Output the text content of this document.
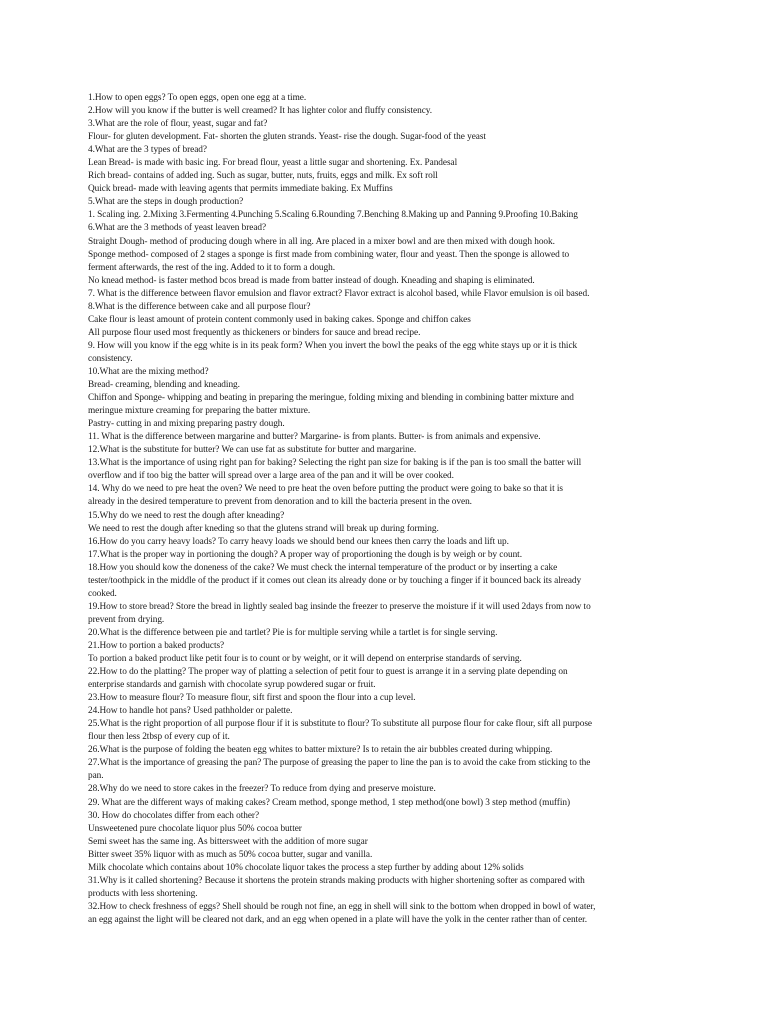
1.How to open eggs? To open eggs, open one egg at a time.
2.How will you know if the butter is well creamed? It has lighter color and fluffy consistency.
3.What are the role of flour, yeast, sugar and fat?
Flour- for gluten development. Fat- shorten the gluten strands. Yeast- rise the dough. Sugar-food of the yeast
4.What are the 3 types of bread?
Lean Bread- is made with basic ing. For bread flour, yeast a little sugar and shortening. Ex. Pandesal
Rich bread- contains of added ing. Such as sugar, butter, nuts, fruits, eggs and milk. Ex soft roll
Quick bread- made with leaving agents that permits immediate baking. Ex Muffins
5.What are the steps in dough production?
1. Scaling ing. 2.Mixing 3.Fermenting 4.Punching 5.Scaling 6.Rounding 7.Benching 8.Making up and Panning 9.Proofing 10.Baking
6.What are the 3 methods of yeast leaven bread?
Straight Dough- method of producing dough where in all ing. Are placed in a mixer bowl and are then mixed with dough hook.
Sponge method- composed of 2 stages a sponge is first made from combining water, flour and yeast. Then the sponge is allowed to
ferment afterwards, the rest of the ing. Added to it to form a dough.
No knead method- is faster method bcos bread is made from batter instead of dough. Kneading and shaping is eliminated.
7. What is the difference between flavor emulsion and flavor extract? Flavor extract is alcohol based, while Flavor emulsion is oil based.
8.What is the difference between cake and all purpose flour?
Cake flour is least amount of protein content commonly used in baking cakes. Sponge and chiffon cakes
All purpose flour used most frequently as thickeners or binders for sauce and bread recipe.
9. How will you know if the egg white is in its peak form? When you invert the bowl the peaks of the egg white stays up or it is thick
consistency.
10.What are the mixing method?
Bread- creaming, blending and kneading.
Chiffon and Sponge- whipping and beating in preparing the meringue, folding mixing and blending in combining batter mixture and
meringue mixture creaming for preparing the batter mixture.
Pastry- cutting in and mixing preparing pastry dough.
11. What is the difference between margarine and butter? Margarine- is from plants. Butter- is from animals and expensive.
12.What is the substitute for butter? We can use fat as substitute for butter and margarine.
13.What is the importance of using right pan for baking? Selecting the right pan size for baking is if the pan is too small the batter will
overflow and if too big the batter will spread over a large area of the pan and it will be over cooked.
14. Why do we need to pre heat the oven? We need to pre heat the oven before putting the product were going to bake so that it is
already in the desired temperature to prevent from denoration and to kill the bacteria present in the oven.
15.Why do we need to rest the dough after kneading?
We need to rest the dough after kneding so that the glutens strand will break up during forming.
16.How do you carry heavy loads? To carry heavy loads we should bend our knees then carry the loads and lift up.
17.What is the proper way in portioning the dough? A proper way of proportioning the dough is by weigh or by count.
18.How you should kow the doneness of the cake? We must check the internal temperature of the product or by inserting a cake
tester/toothpick in the middle of the product if it comes out clean its already done or by touching a finger if it bounced back its already
cooked.
19.How to store bread? Store the bread in lightly sealed bag insinde the freezer to preserve the moisture if it will used 2days from now to
prevent from drying.
20.What is the difference between pie and tartlet? Pie is for multiple serving while a tartlet is for single serving.
21.How to portion a baked products?
To portion a baked product like petit four is to count or by weight, or it will depend on enterprise standards of serving.
22.How to do the platting? The proper way of platting a selection of petit four to guest is arrange it in a serving plate depending on
enterprise standards and garnish with chocolate syrup powdered sugar or fruit.
23.How to measure flour? To measure flour, sift first and spoon the flour into a cup level.
24.How to handle hot pans? Used pathholder or palette.
25.What is the right proportion of all purpose flour if it is substitute to flour? To substitute all purpose flour for cake flour, sift all purpose
flour then less 2tbsp of every cup of it.
26.What is the purpose of folding the beaten egg whites to batter mixture? Is to retain the air bubbles created during whipping.
27.What is the importance of greasing the pan? The purpose of greasing the paper to line the pan is to avoid the cake from sticking to the
pan.
28.Why do we need to store cakes in the freezer? To reduce from dying and preserve moisture.
29. What are the different ways of making cakes? Cream method, sponge method, 1 step method(one bowl) 3 step method (muffin)
30. How do chocolates differ from each other?
Unsweetened pure chocolate liquor plus 50% cocoa butter
Semi sweet has the same ing. As bittersweet with the addition of more sugar
Bitter sweet 35% liquor with as much as 50% cocoa butter, sugar and vanilla.
Milk chocolate which contains about 10% chocolate liquor takes the process a step further by adding about 12% solids
31.Why is it called shortening? Because it shortens the protein strands making products with higher shortening softer as compared with
products with less shortening.
32.How to check freshness of eggs? Shell should be rough not fine, an egg in shell will sink to the bottom when dropped in bowl of water,
an egg against the light will be cleared not dark, and an egg when opened in a plate will have the yolk in the center rather than of center.
